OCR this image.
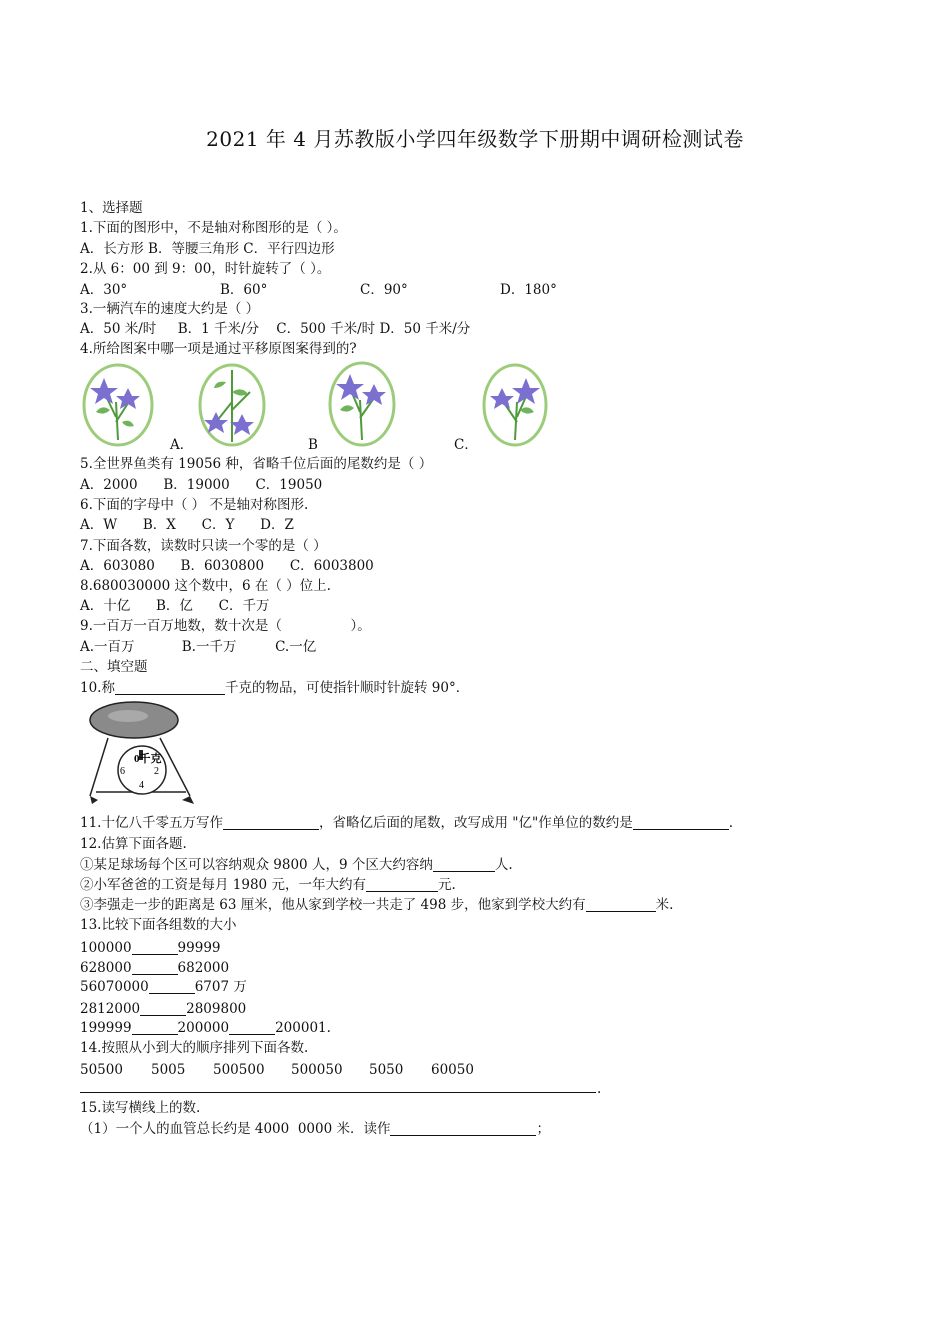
2021 年 4 月苏教版小学四年级数学下册期中调研检测试卷
1、选择题
1.下面的图形中，不是轴对称图形的是（ ）。
A．长方形 B．等腰三角形 C．平行四边形
2.从 6：00 到 9：00，时针旋转了（ ）。
A．30°	B．60°	C．90°	D．180°
3.一辆汽车的速度大约是（ ）
A．50 米/时     B．1 千米/分    C．500 千米/时 D．50 千米/分
4.所给图案中哪一项是通过平移原图案得到的?
A．	B	C．
5.全世界鱼类有 19056 种，省略千位后面的尾数约是（ ）
A．2000      B．19000      C．19050
6.下面的字母中（ ） 不是轴对称图形.
A．W      B．X      C．Y      D．Z
7.下面各数，读数时只读一个零的是（ ）
A．603080      B．6030800      C．6003800
8.680030000 这个数中，6 在（ ）位上.
A．十亿      B．亿      C．千万
9.一百万一百万地数，数十次是（                ）。
A.一百万           B.一千万         C.一亿
二、填空题
10.称	千克的物品，可使指针顺时针旋转 90°．
0千克
6	2
4
11.十亿八千零五万写作	，省略亿后面的尾数，改写成用 "亿"作单位的数约是	.
12.估算下面各题.
①某足球场每个区可以容纳观众 9800 人，9 个区大约容纳	人.
②小军爸爸的工资是每月 1980 元，一年大约有	元.
③李强走一步的距离是 63 厘米，他从家到学校一共走了 498 步，他家到学校大约有	米.
13.比较下面各组数的大小
100000	99999
628000	682000
56070000	6707 万
2812000	2809800
199999	200000	200001.
14.按照从小到大的顺序排列下面各数.
50500 5005 500500 500050 5050 60050
.
15.读写横线上的数.
（1）一个人的血管总长约是 4000  0000 米．读作	；
